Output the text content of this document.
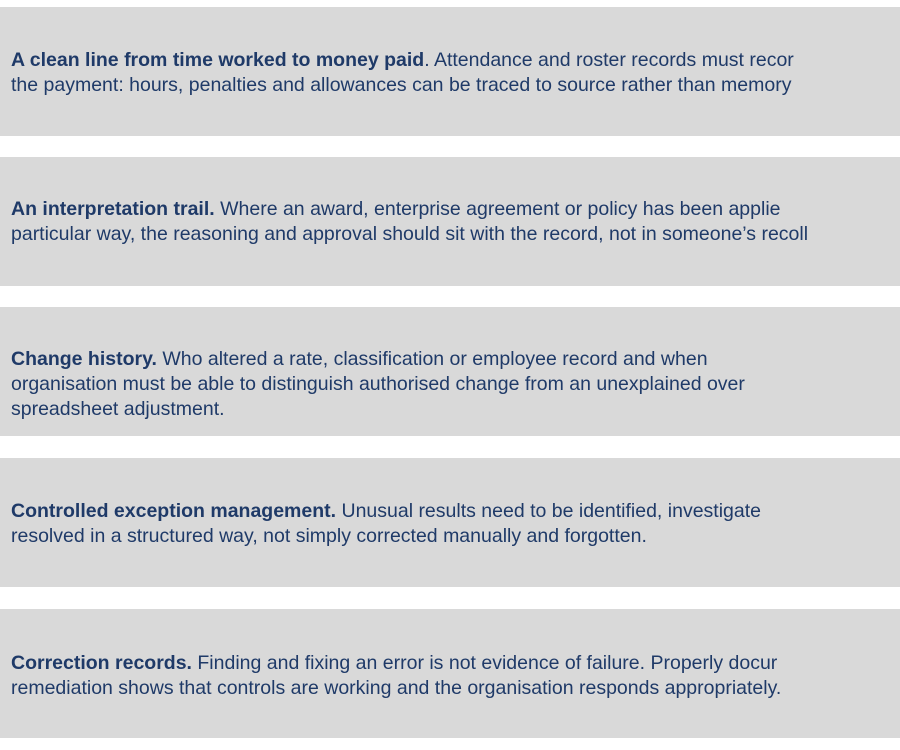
A clean line from time worked to money paid. Attendance and roster records must recor
the payment: hours, penalties and allowances can be traced to source rather than memory

An interpretation trail. Where an award, enterprise agreement or policy has been applie
particular way, the reasoning and approval should sit with the record, not in someone’s recoll

Change history. Who altered a rate, classification or employee record and when
organisation must be able to distinguish authorised change from an unexplained over
spreadsheet adjustment.

Controlled exception management. Unusual results need to be identified, investigate
resolved in a structured way, not simply corrected manually and forgotten.

Correction records. Finding and fixing an error is not evidence of failure. Properly docur
remediation shows that controls are working and the organisation responds appropriately.
